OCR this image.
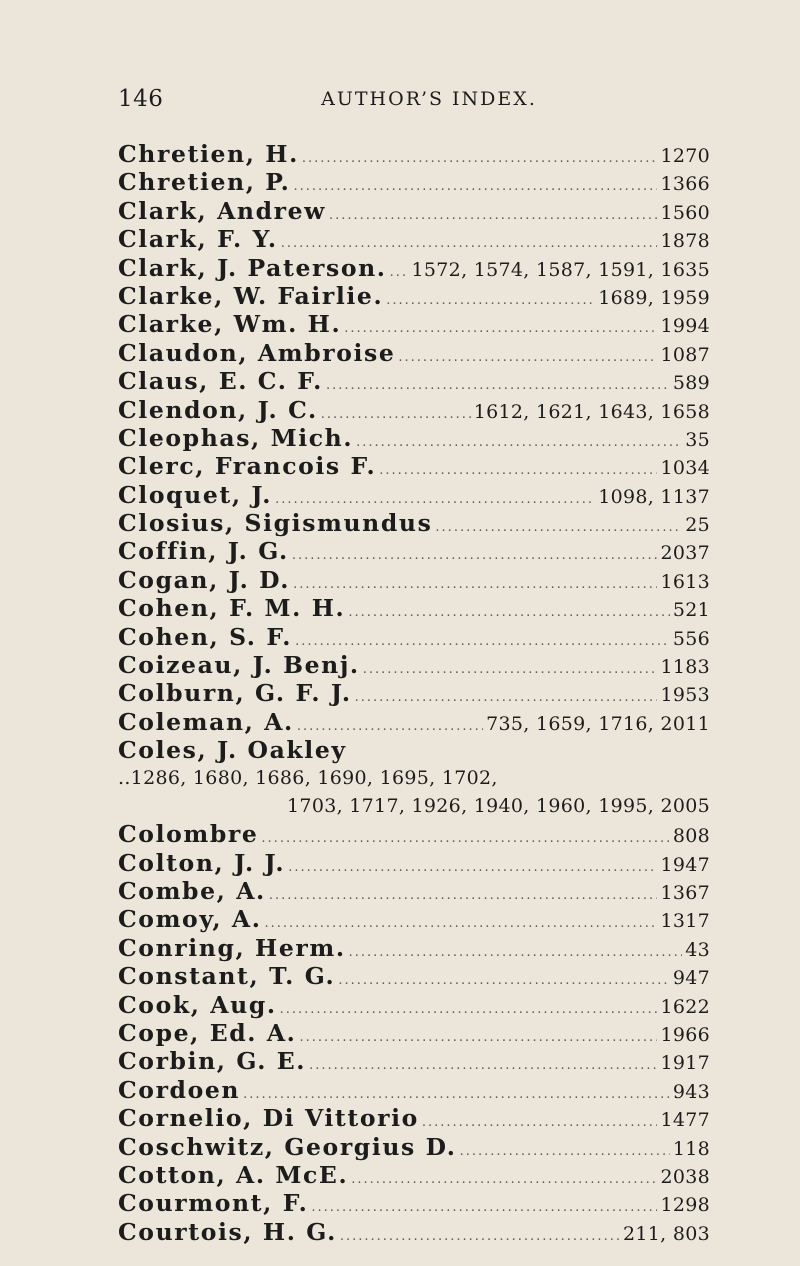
146	AUTHOR’S INDEX.
Chretien, H. .....	1270
Chretien, P. .....	1366
Clark, Andrew .....	1560
Clark, F. Y. .....	1878
Clark, J. Paterson. ..... 1572, 1574, 1587, 1591, 1635
Clarke, W. Fairlie. .....	1689, 1959
Clarke, Wm. H. .....	1994
Claudon, Ambroise .....	1087
Claus, E. C. F. .....	589
Clendon, J. C. .....	1612, 1621, 1643, 1658
Cleophas, Mich. .....	35
Clerc, Francois F. .....	1034
Cloquet, J. .....	1098, 1137
Closius, Sigismundus .....	25
Coffin, J. G. .....	2037
Cogan, J. D. .....	1613
Cohen, F. M. H. .....	521
Cohen, S. F. .....	556
Coizeau, J. Benj. .....	1183
Colburn, G. F. J. .....	1953
Coleman, A. .....	735, 1659, 1716, 2011
Coles, J. Oakley
..1286, 1680, 1686, 1690, 1695, 1702,
1703, 1717, 1926, 1940, 1960, 1995, 2005
Colombre .....	808
Colton, J. J. .....	1947
Combe, A. .....	1367
Comoy, A. .....	1317
Conring, Herm. .....	43
Constant, T. G. .....	947
Cook, Aug. .....	1622
Cope, Ed. A. .....	1966
Corbin, G. E. .....	1917
Cordoen .....	943
Cornelio, Di Vittorio .....	1477
Coschwitz, Georgius D. .....	118
Cotton, A. McE. .....	2038
Courmont, F. .....	1298
Courtois, H. G. .....	211, 803
